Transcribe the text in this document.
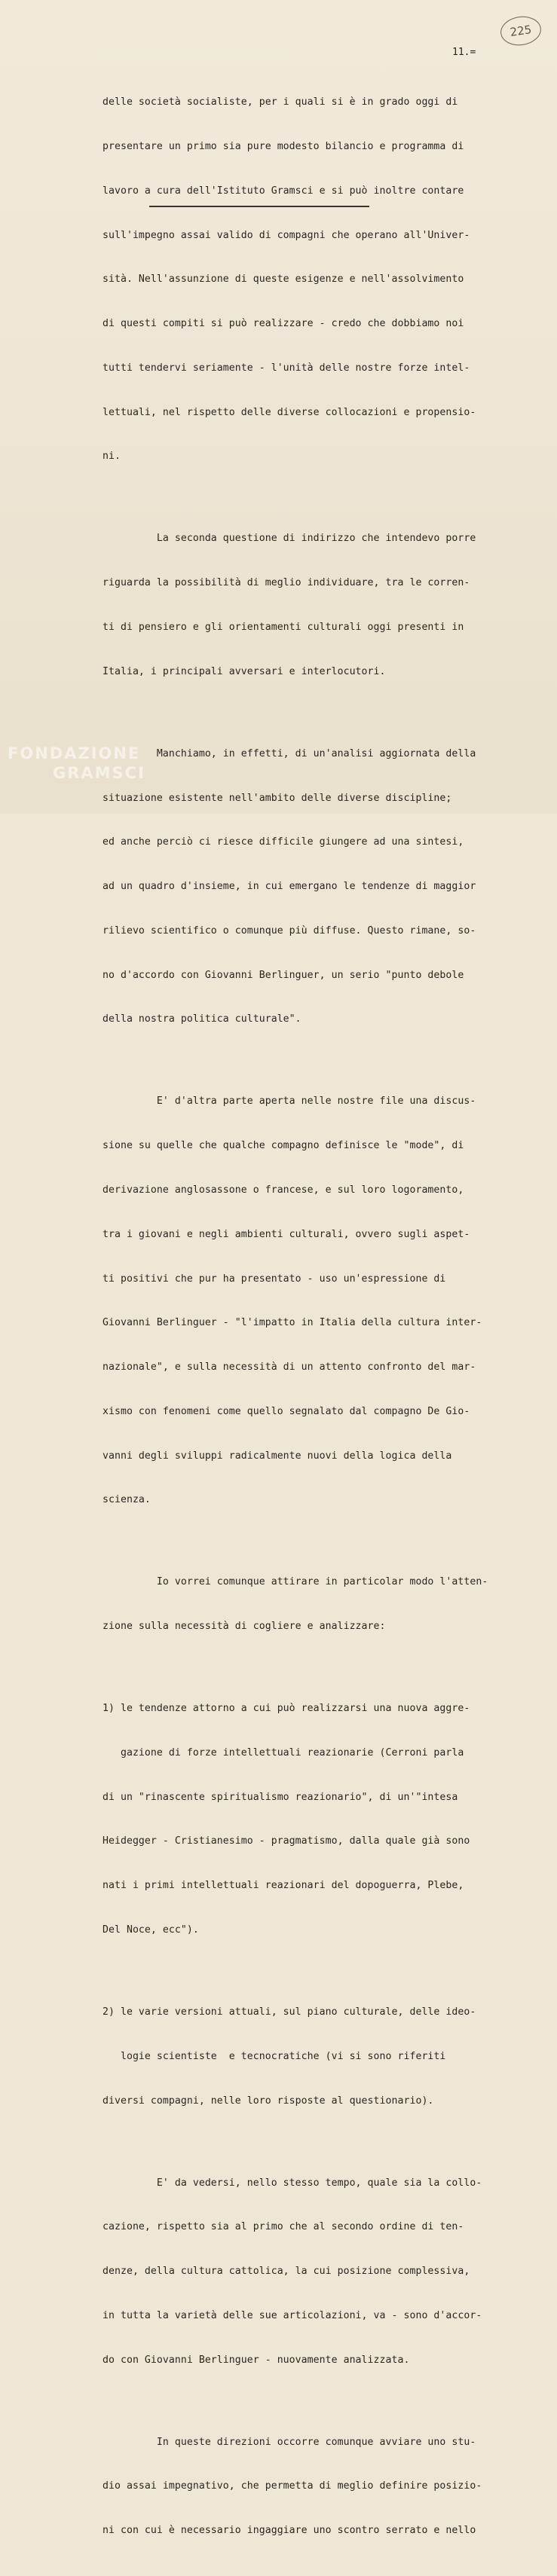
225
11.=

delle società socialiste, per i quali si è in grado oggi di

presentare un primo sia pure modesto bilancio e programma di

lavoro a cura dell'Istituto Gramsci e si può inoltre contare

sull'impegno assai valido di compagni che operano all'Univer-

sità. Nell'assunzione di queste esigenze e nell'assolvimento

di questi compiti si può realizzare - credo che dobbiamo noi

tutti tendervi seriamente - l'unità delle nostre forze intel-

lettuali, nel rispetto delle diverse collocazioni e propensio-

ni.

La seconda questione di indirizzo che intendevo porre

riguarda la possibilità di meglio individuare, tra le corren-

ti di pensiero e gli orientamenti culturali oggi presenti in

Italia, i principali avversari e interlocutori.

Manchiamo, in effetti, di un'analisi aggiornata della

situazione esistente nell'ambito delle diverse discipline;

ed anche perciò ci riesce difficile giungere ad una sintesi,

ad un quadro d'insieme, in cui emergano le tendenze di maggior

rilievo scientifico o comunque più diffuse. Questo rimane, so-

no d'accordo con Giovanni Berlinguer, un serio "punto debole

della nostra politica culturale".

E' d'altra parte aperta nelle nostre file una discus-

sione su quelle che qualche compagno definisce le "mode", di

derivazione anglosassone o francese, e sul loro logoramento,

tra i giovani e negli ambienti culturali, ovvero sugli aspet-

ti positivi che pur ha presentato - uso un'espressione di

Giovanni Berlinguer - "l'impatto in Italia della cultura inter-

nazionale", e sulla necessità di un attento confronto del mar-

xismo con fenomeni come quello segnalato dal compagno De Gio-

vanni degli sviluppi radicalmente nuovi della logica della

scienza.

Io vorrei comunque attirare in particolar modo l'atten-

zione sulla necessità di cogliere e analizzare:

1) le tendenze attorno a cui può realizzarsi una nuova aggre-

gazione di forze intellettuali reazionarie (Cerroni parla

di un "rinascente spiritualismo reazionario", di un'"intesa

Heidegger - Cristianesimo - pragmatismo, dalla quale già sono

nati i primi intellettuali reazionari del dopoguerra, Plebe,

Del Noce, ecc").

2) le varie versioni attuali, sul piano culturale, delle ideo-

logie scientiste  e tecnocratiche (vi si sono riferiti

diversi compagni, nelle loro risposte al questionario).

E' da vedersi, nello stesso tempo, quale sia la collo-

cazione, rispetto sia al primo che al secondo ordine di ten-

denze, della cultura cattolica, la cui posizione complessiva,

in tutta la varietà delle sue articolazioni, va - sono d'accor-

do con Giovanni Berlinguer - nuovamente analizzata.

In queste direzioni occorre comunque avviare uno stu-

dio assai impegnativo, che permetta di meglio definire posizio-

ni con cui è necessario ingaggiare uno scontro serrato e nello

FONDAZIONE
GRAMSCI
